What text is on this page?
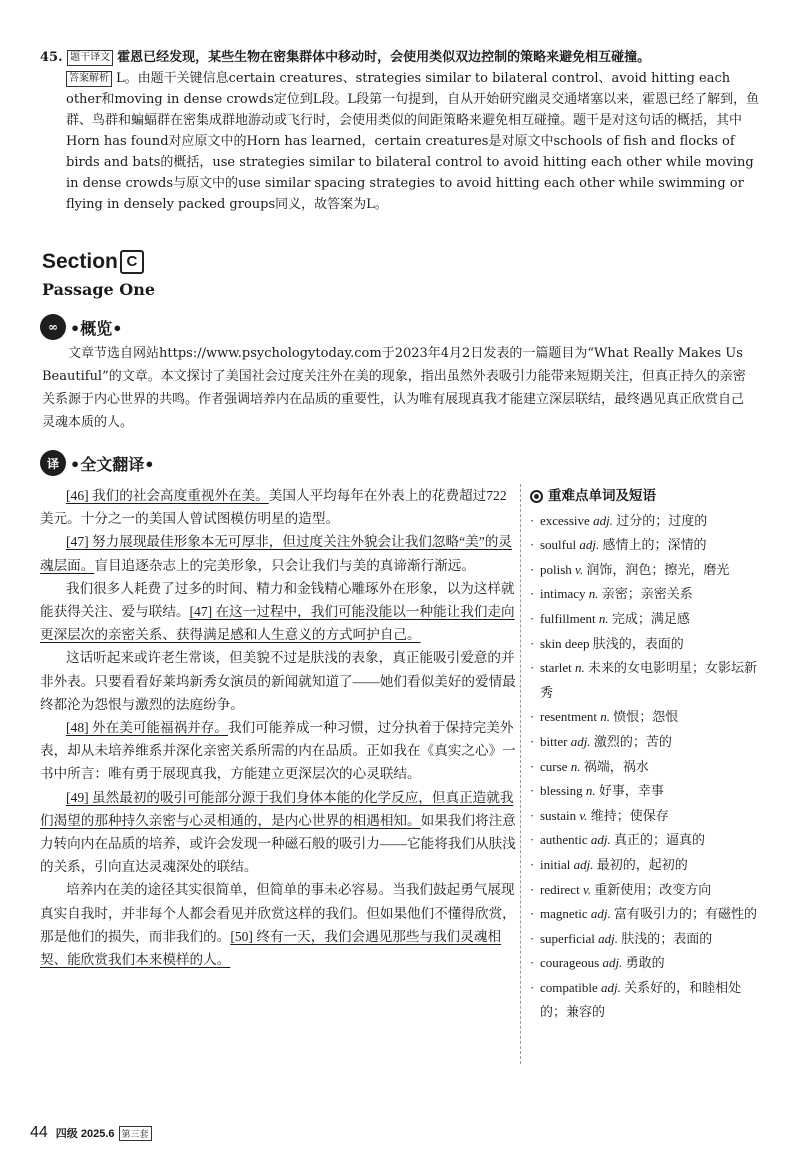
45. 题干译文 霍恩已经发现，某些生物在密集群体中移动时，会使用类似双边控制的策略来避免相互碰撞。
答案解析 L。由题干关键信息certain creatures、strategies similar to bilateral control、avoid hitting each other和moving in dense crowds定位到L段。L段第一句提到，自从开始研究幽灵交通堵塞以来，霍恩已经了解到，鱼群、鸟群和蝙蝠群在密集成群地游动或飞行时，会使用类似的间距策略来避免相互碰撞。题干是对这句话的概括，其中Horn has found对应原文中的Horn has learned，certain creatures是对原文中schools of fish and flocks of birds and bats的概括，use strategies similar to bilateral control to avoid hitting each other while moving in dense crowds与原文中的use similar spacing strategies to avoid hitting each other while swimming or flying in densely packed groups同义，故答案为L。
Section C
Passage One
∞ •概览•

文章节选自网站https://www.psychologytoday.com于2023年4月2日发表的一篇题目为“What Really Makes Us Beautiful”的文章。本文探讨了美国社会过度关注外在美的现象，指出虽然外表吸引力能带来短期关注，但真正持久的亲密关系源于内心世界的共鸣。作者强调培养内在品质的重要性，认为唯有展现真我才能建立深层联结，最终遇见真正欣赏自己灵魂本质的人。

译 •全文翻译•

[46] 我们的社会高度重视外在美。美国人平均每年在外表上的花费超过722美元。十分之一的美国人曾试图模仿明星的造型。

[47] 努力展现最佳形象本无可厚非，但过度关注外貌会让我们忽略“美”的灵魂层面。盲目追逐杂志上的完美形象，只会让我们与美的真谛渐行渐远。

我们很多人耗费了过多的时间、精力和金钱精心雕琢外在形象，以为这样就能获得关注、爱与联结。[47] 在这一过程中，我们可能没能以一种能让我们走向更深层次的亲密关系、获得满足感和人生意义的方式呵护自己。

这话听起来或许老生常谈，但美貌不过是肤浅的表象，真正能吸引爱意的并非外表。只要看看好莱坞新秀女演员的新闻就知道了——她们看似美好的爱情最终都沦为怨恨与激烈的法庭纷争。

[48] 外在美可能福祸并存。我们可能养成一种习惯，过分执着于保持完美外表，却从未培养维系并深化亲密关系所需的内在品质。正如我在《真实之心》一书中所言：唯有勇于展现真我，方能建立更深层次的心灵联结。

[49] 虽然最初的吸引可能部分源于我们身体本能的化学反应，但真正造就我们渴望的那种持久亲密与心灵相通的，是内心世界的相遇相知。如果我们将注意力转向内在品质的培养，或许会发现一种磁石般的吸引力——它能将我们从肤浅的关系，引向直达灵魂深处的联结。

培养内在美的途径其实很简单，但简单的事未必容易。当我们鼓起勇气展现真实自我时，并非每个人都会看见并欣赏这样的我们。但如果他们不懂得欣赏，那是他们的损失，而非我们的。[50] 终有一天，我们会遇见那些与我们灵魂相契、能欣赏我们本来模样的人。

重难点单词及短语
· excessive adj. 过分的；过度的
· soulful adj. 感情上的；深情的
· polish v. 润饰，润色；擦光，磨光
· intimacy n. 亲密；亲密关系
· fulfillment n. 完成；满足感
· skin deep 肤浅的，表面的
· starlet n. 未来的女电影明星；女影坛新秀
· resentment n. 愤恨；怨恨
· bitter adj. 激烈的；苦的
· curse n. 祸端，祸水
· blessing n. 好事，幸事
· sustain v. 维持；使保存
· authentic adj. 真正的；逼真的
· initial adj. 最初的，起初的
· redirect v. 重新使用；改变方向
· magnetic adj. 富有吸引力的；有磁性的
· superficial adj. 肤浅的；表面的
· courageous adj. 勇敢的
· compatible adj. 关系好的，和睦相处的；兼容的
44 四级 2025.6 第三套
